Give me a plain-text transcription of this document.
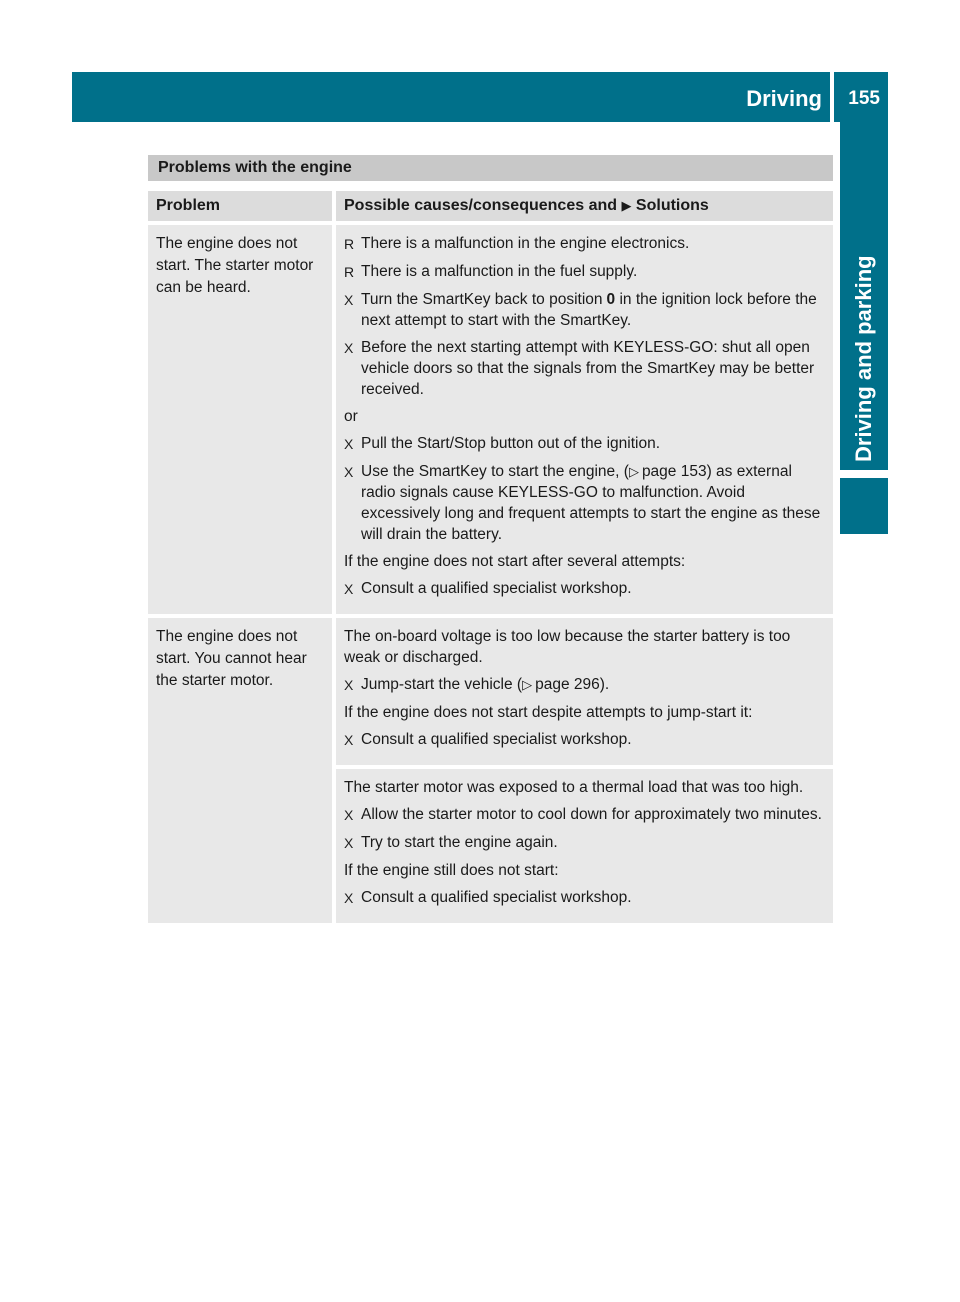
Driving 155
Driving and parking
Problems with the engine
Problem	Possible causes/consequences and ▶ Solutions
The engine does not start. The starter motor can be heard.
R There is a malfunction in the engine electronics.
R There is a malfunction in the fuel supply.
X Turn the SmartKey back to position 0 in the ignition lock before the next attempt to start with the SmartKey.
X Before the next starting attempt with KEYLESS-GO: shut all open vehicle doors so that the signals from the SmartKey may be better received.
or
X Pull the Start/Stop button out of the ignition.
X Use the SmartKey to start the engine, (▷ page 153) as external radio signals cause KEYLESS-GO to malfunction. Avoid excessively long and frequent attempts to start the engine as these will drain the battery.
If the engine does not start after several attempts:
X Consult a qualified specialist workshop.
The engine does not start. You cannot hear the starter motor.
The on-board voltage is too low because the starter battery is too weak or discharged.
X Jump-start the vehicle (▷ page 296).
If the engine does not start despite attempts to jump-start it:
X Consult a qualified specialist workshop.
The starter motor was exposed to a thermal load that was too high.
X Allow the starter motor to cool down for approximately two minutes.
X Try to start the engine again.
If the engine still does not start:
X Consult a qualified specialist workshop.
